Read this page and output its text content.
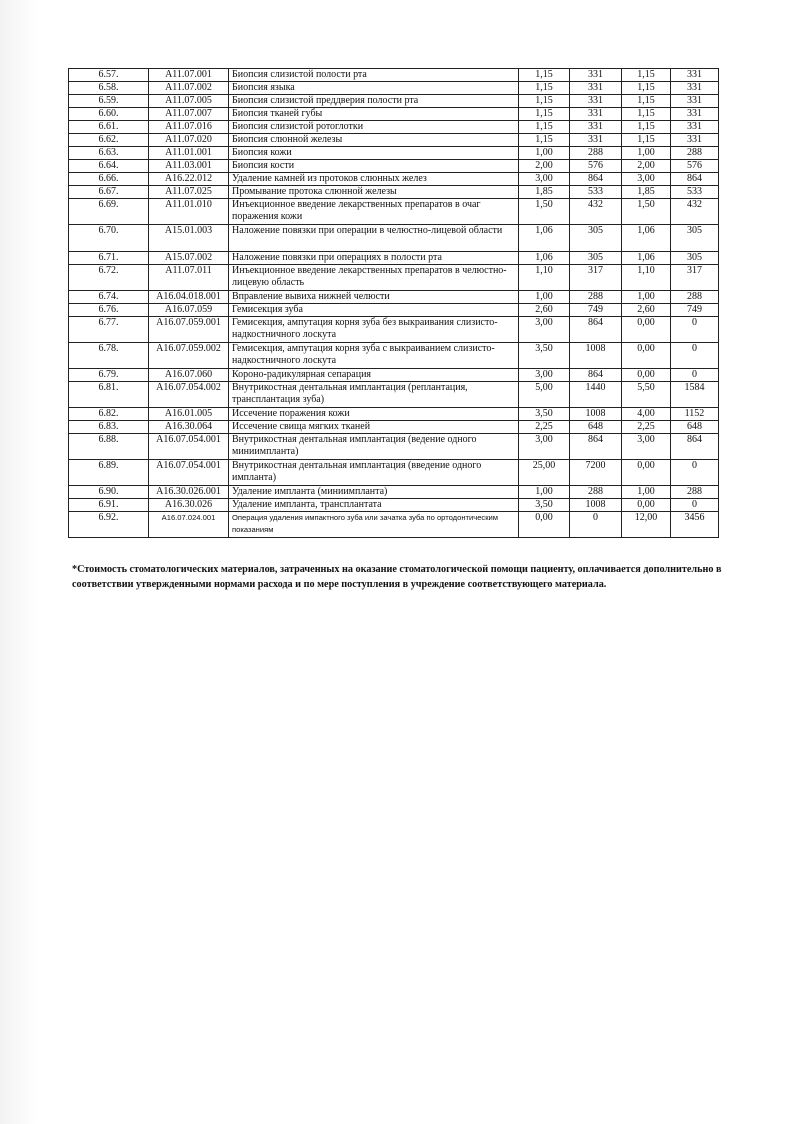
6.57.	A11.07.001	Биопсия слизистой полости рта	1,15	331	1,15	331
6.58.	A11.07.002	Биопсия языка	1,15	331	1,15	331
6.59.	A11.07.005	Биопсия слизистой преддверия полости рта	1,15	331	1,15	331
6.60.	A11.07.007	Биопсия тканей губы	1,15	331	1,15	331
6.61.	A11.07.016	Биопсия слизистой ротоглотки	1,15	331	1,15	331
6.62.	A11.07.020	Биопсия слюнной железы	1,15	331	1,15	331
6.63.	A11.01.001	Биопсия кожи	1,00	288	1,00	288
6.64.	A11.03.001	Биопсия кости	2,00	576	2,00	576
6.66.	A16.22.012	Удаление камней из протоков слюнных желез	3,00	864	3,00	864
6.67.	A11.07.025	Промывание протока слюнной железы	1,85	533	1,85	533
6.69.	A11.01.010	Инъекционное введение лекарственных препаратов в очаг поражения кожи	1,50	432	1,50	432
6.70.	A15.01.003	Наложение повязки при операции в челюстно-лицевой области	1,06	305	1,06	305
6.71.	A15.07.002	Наложение повязки при операциях в полости рта	1,06	305	1,06	305
6.72.	A11.07.011	Инъекционное введение лекарственных препаратов в челюстно-лицевую область	1,10	317	1,10	317
6.74.	A16.04.018.001	Вправление вывиха нижней челюсти	1,00	288	1,00	288
6.76.	A16.07.059	Гемисекция зуба	2,60	749	2,60	749
6.77.	A16.07.059.001	Гемисекция, ампутация корня зуба без выкраивания слизисто-надкостничного лоскута	3,00	864	0,00	0
6.78.	A16.07.059.002	Гемисекция, ампутация корня зуба с выкраиванием слизисто-надкостничного лоскута	3,50	1008	0,00	0
6.79.	A16.07.060	Короно-радикулярная сепарация	3,00	864	0,00	0
6.81.	A16.07.054.002	Внутрикостная дентальная имплантация (реплантация, трансплантация зуба)	5,00	1440	5,50	1584
6.82.	A16.01.005	Иссечение поражения кожи	3,50	1008	4,00	1152
6.83.	A16.30.064	Иссечение свища мягких тканей	2,25	648	2,25	648
6.88.	A16.07.054.001	Внутрикостная дентальная имплантация (ведение одного миниимпланта)	3,00	864	3,00	864
6.89.	A16.07.054.001	Внутрикостная дентальная имплантация (введение одного импланта)	25,00	7200	0,00	0
6.90.	A16.30.026.001	Удаление импланта (миниимпланта)	1,00	288	1,00	288
6.91.	A16.30.026	Удаление импланта, трансплантата	3,50	1008	0,00	0
6.92.	A16.07.024.001	Операция удаления импактного зуба или зачатка зуба по ортодонтическим показаниям	0,00	0	12,00	3456
*Стоимость стоматологических материалов, затраченных на оказание стоматологической помощи пациенту, оплачивается дополнительно в соответствии утвержденными нормами расхода и по мере поступления в учреждение соответствующего материала.
